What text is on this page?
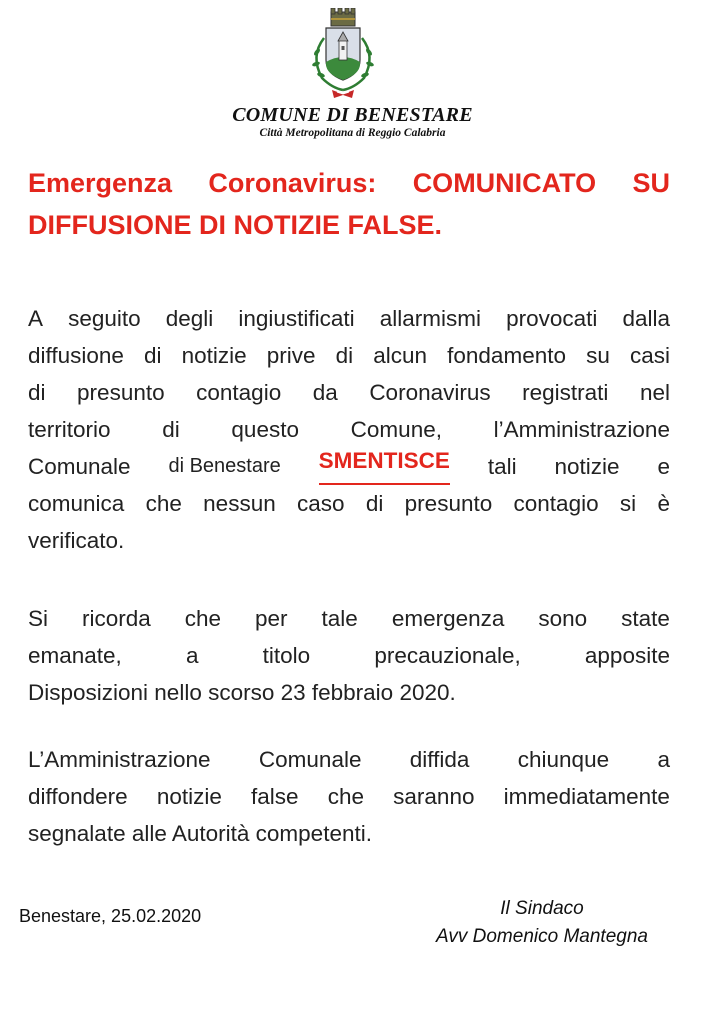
COMUNE DI BENESTARE
Città Metropolitana di Reggio Calabria
Emergenza Coronavirus: COMUNICATO SU
DIFFUSIONE DI NOTIZIE FALSE.
A seguito degli ingiustificati allarmismi provocati dalla
diffusione di notizie prive di alcun fondamento su casi
di presunto contagio da Coronavirus registrati nel
territorio di questo Comune, l’Amministrazione
Comunale di Benestare SMENTISCE tali notizie e
comunica che nessun caso di presunto contagio si è
verificato.
Si ricorda che per tale emergenza sono state
emanate,	a	titolo	precauzionale,	apposite
Disposizioni nello scorso 23 febbraio 2020.
L’Amministrazione Comunale diffida chiunque a
diffondere notizie false che saranno immediatamente
segnalate alle Autorità competenti.
Benestare, 25.02.2020	Il Sindaco
Avv Domenico Mantegna
